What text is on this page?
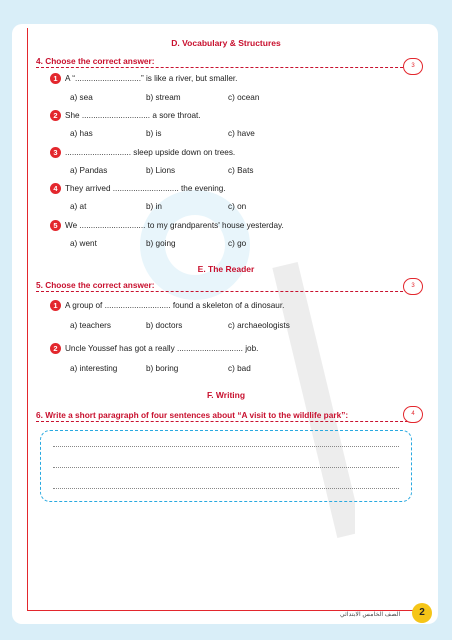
D. Vocabulary & Structures
4. Choose the correct answer:	3
1 A “.............................” is like a river, but smaller.
a) sea	b) stream	c) ocean
2 She .............................. a sore throat.
a) has	b) is	c) have
3 ............................. sleep upside down on trees.
a) Pandas	b) Lions	c) Bats
4 They arrived ............................. the evening.
a) at	b) in	c) on
5 We ............................. to my grandparents' house yesterday.
a) went	b) going	c) go
E. The Reader
5. Choose the correct answer:	3
1 A group of ............................. found a skeleton of a dinosaur.
a) teachers	b) doctors	c) archaeologists
2 Uncle Youssef has got a really ............................. job.
a) interesting	b) boring	c) bad
F. Writing
6. Write a short paragraph of four sentences about “A visit to the wildlife park”:	4
الصف الخامس الابتدائي	2
